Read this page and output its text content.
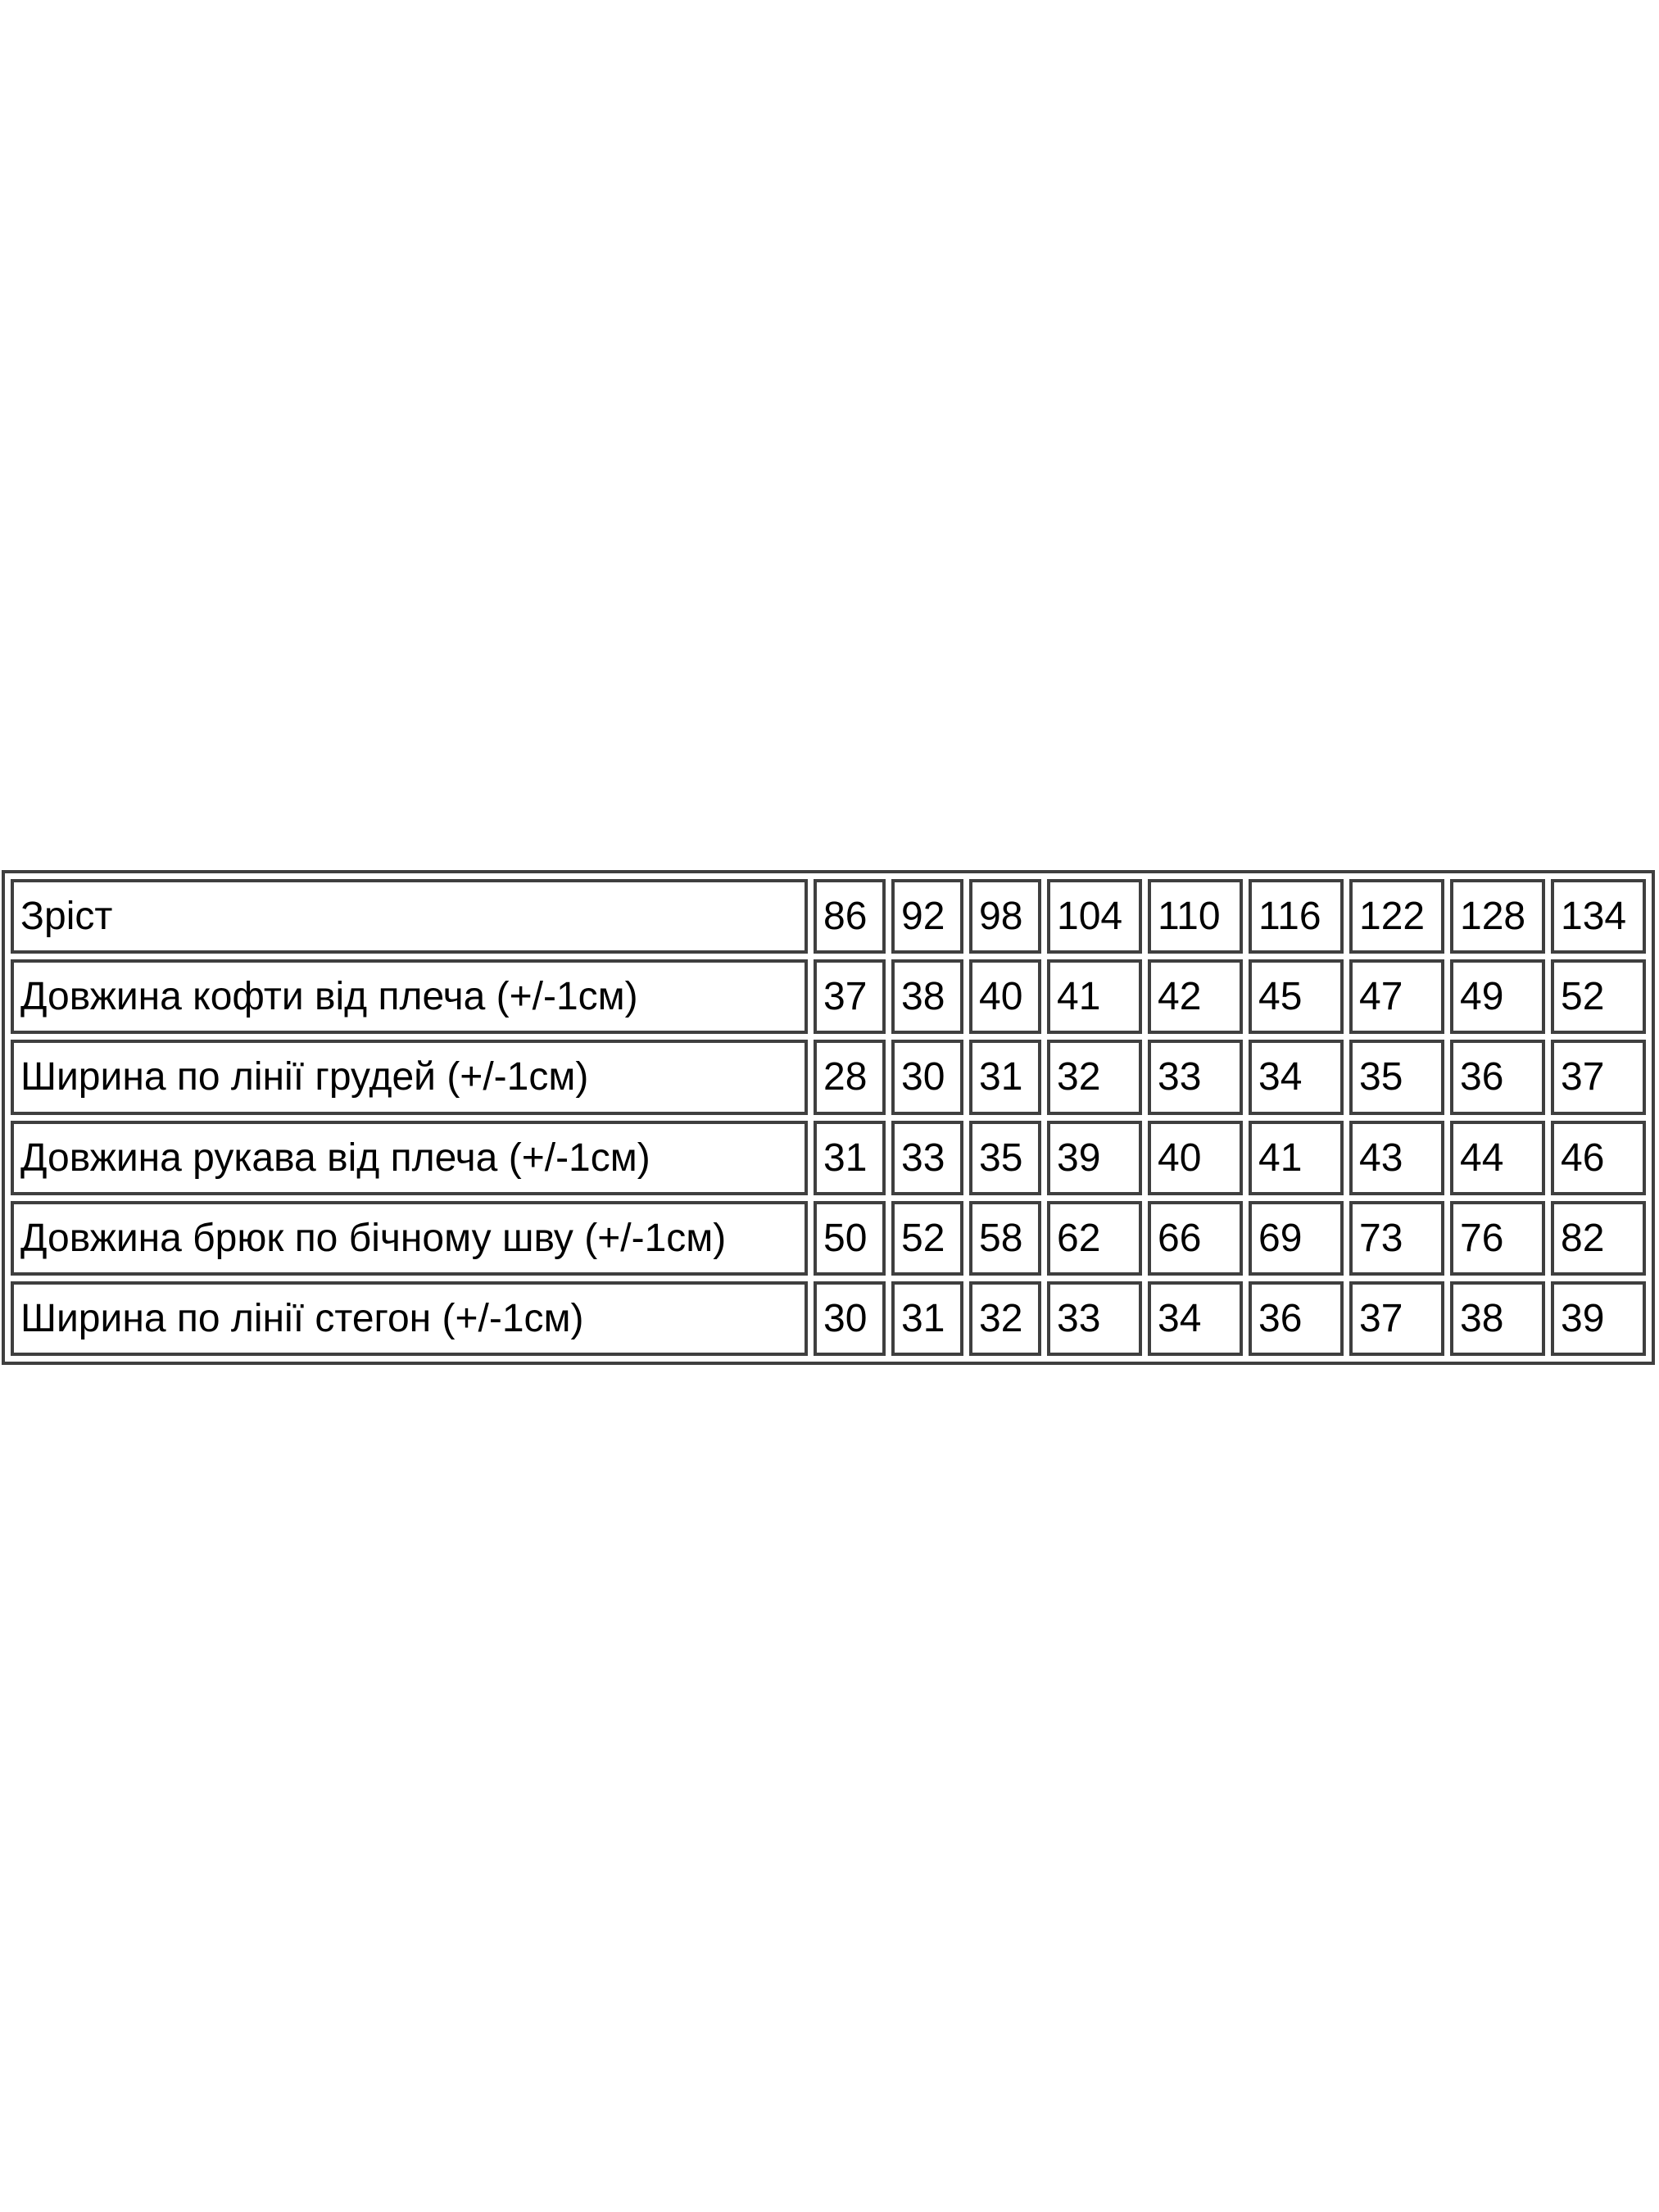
Зріст	86	92	98	104	110	116	122	128	134
Довжина кофти від плеча (+/-1см)	37	38	40	41	42	45	47	49	52
Ширина по лінії грудей (+/-1см)	28	30	31	32	33	34	35	36	37
Довжина рукава від плеча (+/-1см)	31	33	35	39	40	41	43	44	46
Довжина брюк по бічному шву (+/-1см)	50	52	58	62	66	69	73	76	82
Ширина по лінії стегон (+/-1см)	30	31	32	33	34	36	37	38	39
